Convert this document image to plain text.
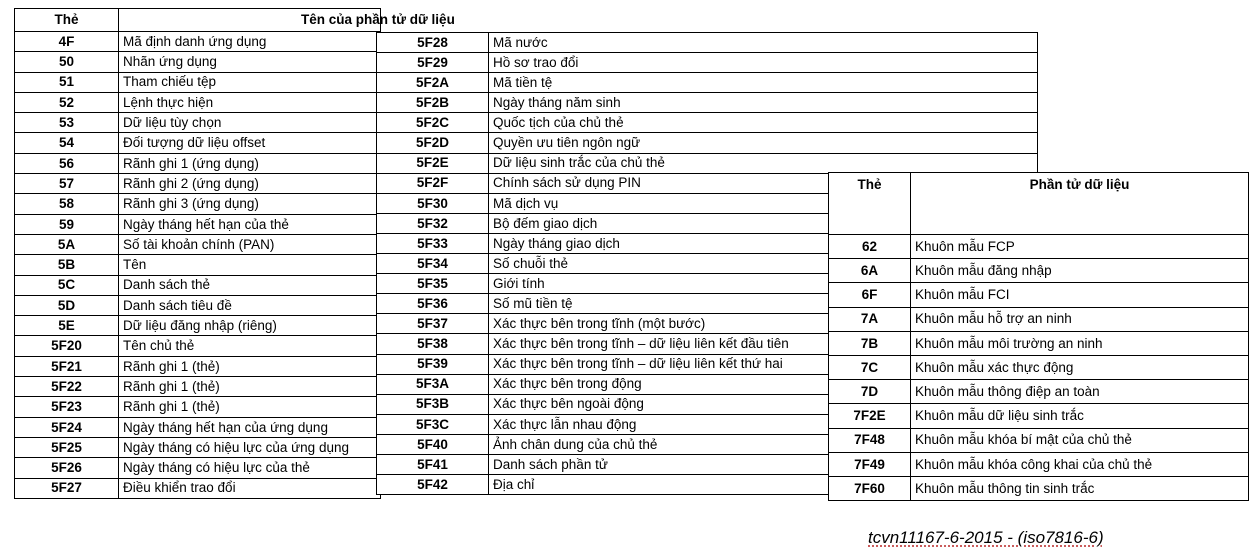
Thẻ	Tên của phần tử dữ liệu
4F	Mã định danh ứng dụng
50	Nhãn ứng dụng
51	Tham chiếu tệp
52	Lệnh thực hiện
53	Dữ liệu tùy chọn
54	Đối tượng dữ liệu offset
56	Rãnh ghi 1 (ứng dụng)
57	Rãnh ghi 2 (ứng dụng)
58	Rãnh ghi 3 (ứng dụng)
59	Ngày tháng hết hạn của thẻ
5A	Số tài khoản chính (PAN)
5B	Tên
5C	Danh sách thẻ
5D	Danh sách tiêu đề
5E	Dữ liệu đăng nhập (riêng)
5F20	Tên chủ thẻ
5F21	Rãnh ghi 1 (thẻ)
5F22	Rãnh ghi 1 (thẻ)
5F23	Rãnh ghi 1 (thẻ)
5F24	Ngày tháng hết hạn của ứng dụng
5F25	Ngày tháng có hiệu lực của ứng dụng
5F26	Ngày tháng có hiệu lực của thẻ
5F27	Điều khiển trao đổi
5F28	Mã nước
5F29	Hồ sơ trao đổi
5F2A	Mã tiền tệ
5F2B	Ngày tháng năm sinh
5F2C	Quốc tịch của chủ thẻ
5F2D	Quyền ưu tiên ngôn ngữ
5F2E	Dữ liệu sinh trắc của chủ thẻ
5F2F	Chính sách sử dụng PIN
5F30	Mã dịch vụ
5F32	Bộ đếm giao dịch
5F33	Ngày tháng giao dịch
5F34	Số chuỗi thẻ
5F35	Giới tính
5F36	Số mũ tiền tệ
5F37	Xác thực bên trong tĩnh (một bước)
5F38	Xác thực bên trong tĩnh – dữ liệu liên kết đầu tiên
5F39	Xác thực bên trong tĩnh – dữ liệu liên kết thứ hai
5F3A	Xác thực bên trong động
5F3B	Xác thực bên ngoài động
5F3C	Xác thực lẫn nhau động
5F40	Ảnh chân dung của chủ thẻ
5F41	Danh sách phần tử
5F42	Địa chỉ
Thẻ	Phần tử dữ liệu
62	Khuôn mẫu FCP
6A	Khuôn mẫu đăng nhập
6F	Khuôn mẫu FCI
7A	Khuôn mẫu hỗ trợ an ninh
7B	Khuôn mẫu môi trường an ninh
7C	Khuôn mẫu xác thực động
7D	Khuôn mẫu thông điệp an toàn
7F2E	Khuôn mẫu dữ liệu sinh trắc
7F48	Khuôn mẫu khóa bí mật của chủ thẻ
7F49	Khuôn mẫu khóa công khai của chủ thẻ
7F60	Khuôn mẫu thông tin sinh trắc
tcvn11167-6-2015 - (iso7816-6)
